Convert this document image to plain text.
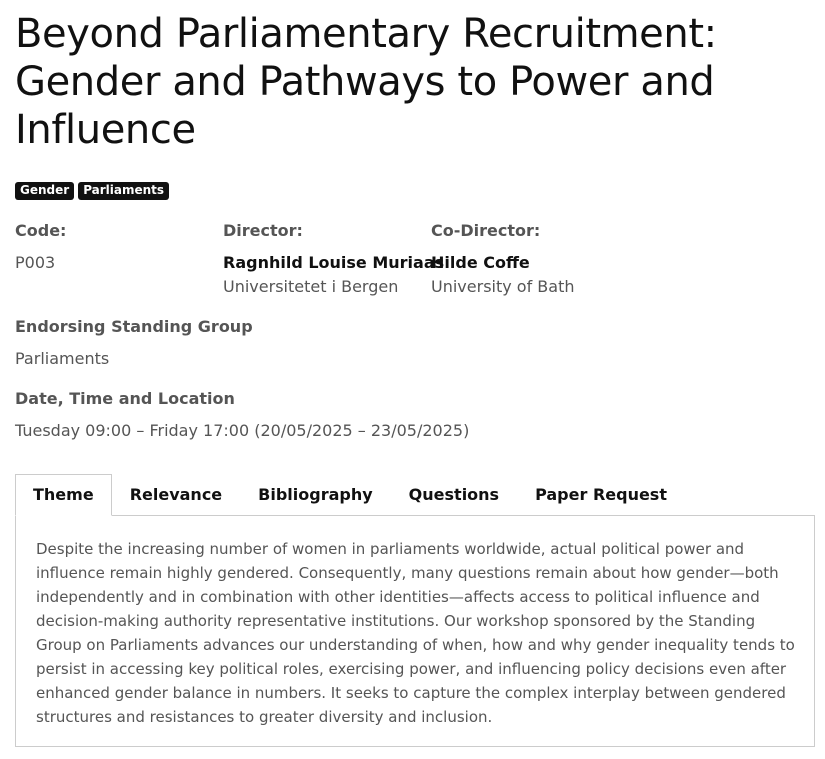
Beyond Parliamentary Recruitment: Gender and Pathways to Power and Influence
Gender	Parliaments
Code:
P003
Director:
Ragnhild Louise Muriaas
Universitetet i Bergen
Co-Director:
Hilde Coffe
University of Bath
Endorsing Standing Group
Parliaments
Date, Time and Location
Tuesday 09:00 – Friday 17:00 (20/05/2025 – 23/05/2025)
Theme	Relevance	Bibliography	Questions	Paper Request

Despite the increasing number of women in parliaments worldwide, actual political power and influence remain highly gendered. Consequently, many questions remain about how gender—both independently and in combination with other identities—affects access to political influence and decision-making authority representative institutions. Our workshop sponsored by the Standing Group on Parliaments advances our understanding of when, how and why gender inequality tends to persist in accessing key political roles, exercising power, and influencing policy decisions even after enhanced gender balance in numbers. It seeks to capture the complex interplay between gendered structures and resistances to greater diversity and inclusion.
